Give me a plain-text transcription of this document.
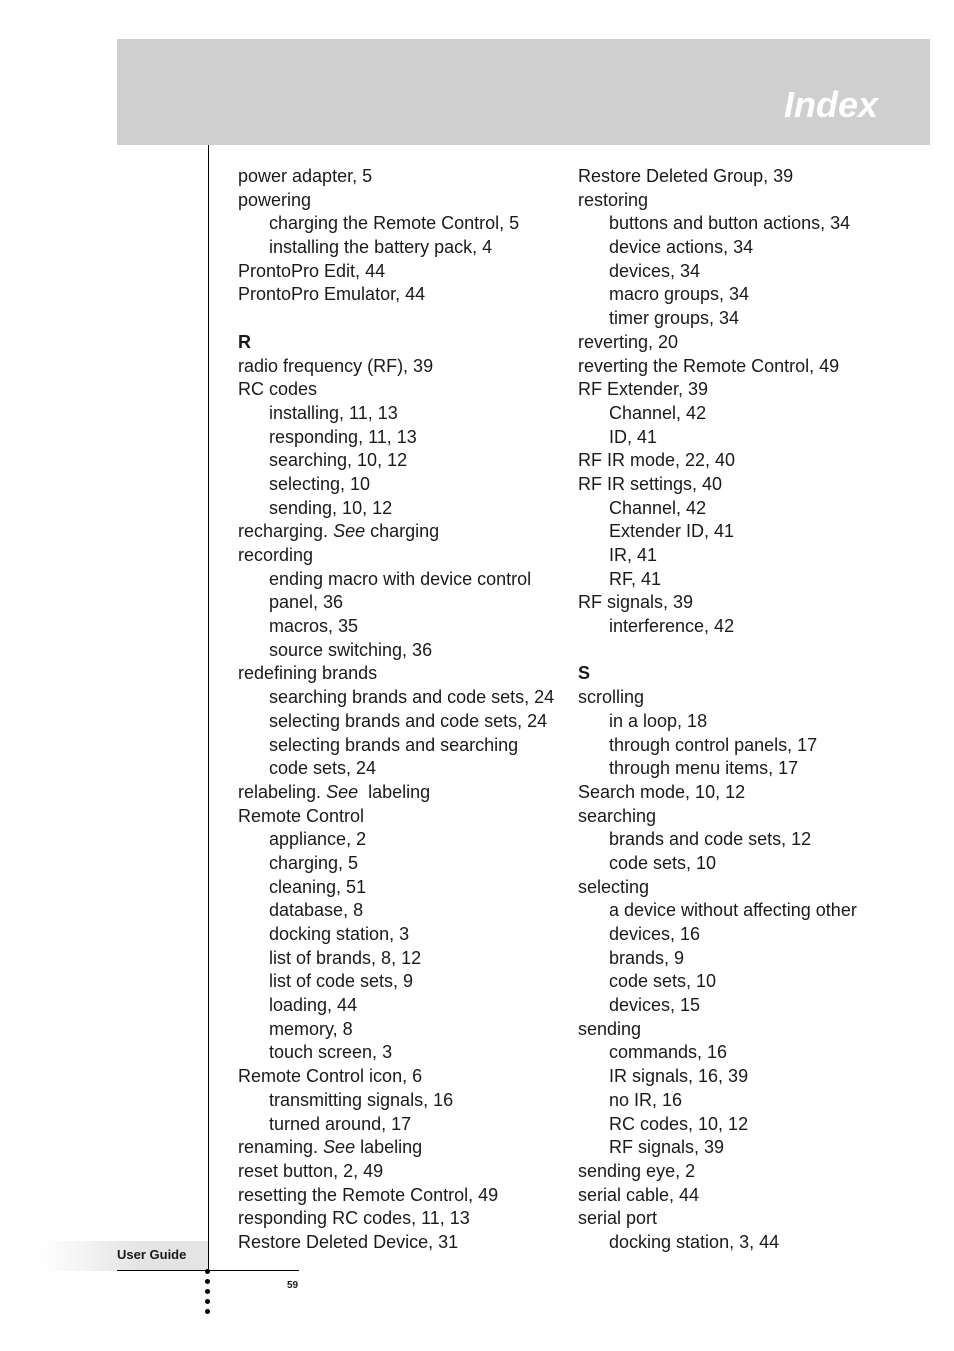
Index
power adapter, 5
powering
charging the Remote Control, 5
installing the battery pack, 4
ProntoPro Edit, 44
ProntoPro Emulator, 44
R
radio frequency (RF), 39
RC codes
installing, 11, 13
responding, 11, 13
searching, 10, 12
selecting, 10
sending, 10, 12
recharging. See charging
recording
ending macro with device control
panel, 36
macros, 35
source switching, 36
redefining brands
searching brands and code sets, 24
selecting brands and code sets, 24
selecting brands and searching
code sets, 24
relabeling. See  labeling
Remote Control
appliance, 2
charging, 5
cleaning, 51
database, 8
docking station, 3
list of brands, 8, 12
list of code sets, 9
loading, 44
memory, 8
touch screen, 3
Remote Control icon, 6
transmitting signals, 16
turned around, 17
renaming. See labeling
reset button, 2, 49
resetting the Remote Control, 49
responding RC codes, 11, 13
Restore Deleted Device, 31
Restore Deleted Group, 39
restoring
buttons and button actions, 34
device actions, 34
devices, 34
macro groups, 34
timer groups, 34
reverting, 20
reverting the Remote Control, 49
RF Extender, 39
Channel, 42
ID, 41
RF IR mode, 22, 40
RF IR settings, 40
Channel, 42
Extender ID, 41
IR, 41
RF, 41
RF signals, 39
interference, 42
S
scrolling
in a loop, 18
through control panels, 17
through menu items, 17
Search mode, 10, 12
searching
brands and code sets, 12
code sets, 10
selecting
a device without affecting other
devices, 16
brands, 9
code sets, 10
devices, 15
sending
commands, 16
IR signals, 16, 39
no IR, 16
RC codes, 10, 12
RF signals, 39
sending eye, 2
serial cable, 44
serial port
docking station, 3, 44
User Guide
59
